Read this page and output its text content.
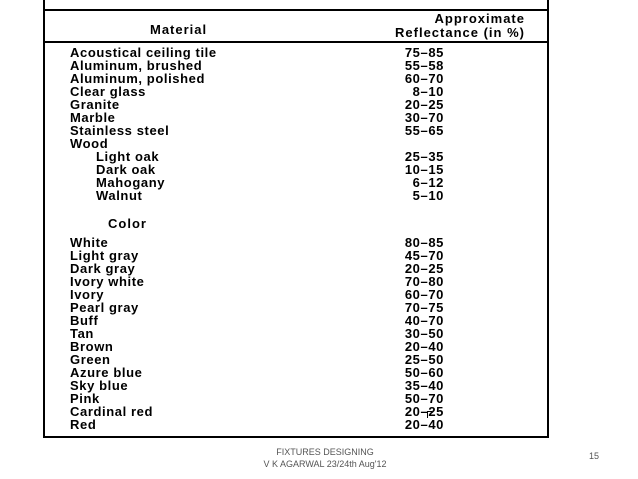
Material
Approximate
Reflectance (in %)
Acoustical ceiling tile	75–85
Aluminum, brushed	55–58
Aluminum, polished	60–70
Clear glass	8–10
Granite	20–25
Marble	30–70
Stainless steel	55–65
Wood
Light oak	25–35
Dark oak	10–15
Mahogany	6–12
Walnut	5–10
Color
White	80–85
Light gray	45–70
Dark gray	20–25
Ivory white	70–80
Ivory	60–70
Pearl gray	70–75
Buff	40–70
Tan	30–50
Brown	20–40
Green	25–50
Azure blue	50–60
Sky blue	35–40
Pink	50–70
Cardinal red	20–25
Red	20–40
FIXTURES DESIGNING
V K AGARWAL 23/24th Aug'12
15
